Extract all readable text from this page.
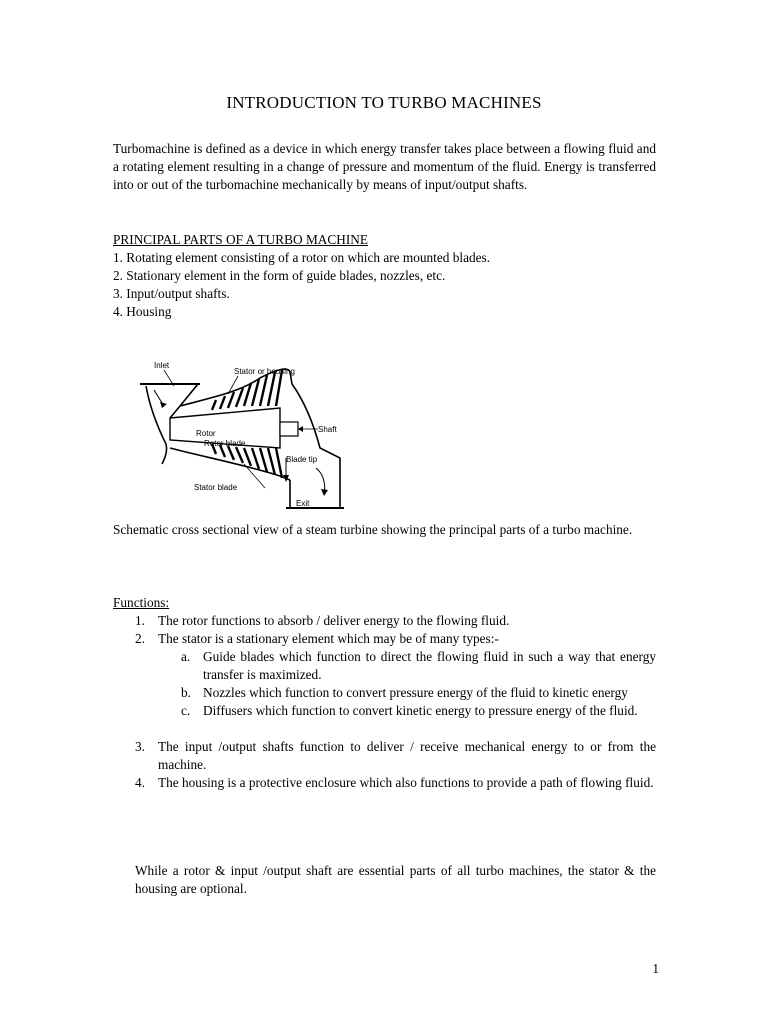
INTRODUCTION TO TURBO MACHINES

Turbomachine is defined as a device in which energy transfer takes place between a flowing fluid and a rotating element resulting in a change of pressure and momentum of the fluid. Energy is transferred into or out of the turbomachine mechanically by means of input/output shafts.

PRINCIPAL PARTS OF A TURBO MACHINE
1. Rotating element consisting of a rotor on which are mounted blades.
2. Stationary element in the form of guide blades, nozzles, etc.
3. Input/output shafts.
4. Housing
Inlet
Stator or housing
Rotor
Rotor blade
Shaft
Blade tip
Stator blade
Exit
Schematic cross sectional view of a steam turbine showing the principal parts of a turbo machine.
Functions:
1. The rotor functions to absorb / deliver energy to the flowing fluid.
2. The stator is a stationary element which may be of many types:-
a. Guide blades which function to direct the flowing fluid in such a way that energy transfer is maximized.
b. Nozzles which function to convert pressure energy of the fluid to kinetic energy
c. Diffusers which function to convert kinetic energy to pressure energy of the fluid.
3. The input /output shafts function to deliver / receive mechanical energy to or from the machine.
4. The housing is a protective enclosure which also functions to provide a path of flowing fluid.
While a rotor & input /output shaft are essential parts of all turbo machines, the stator & the housing are optional.
1
